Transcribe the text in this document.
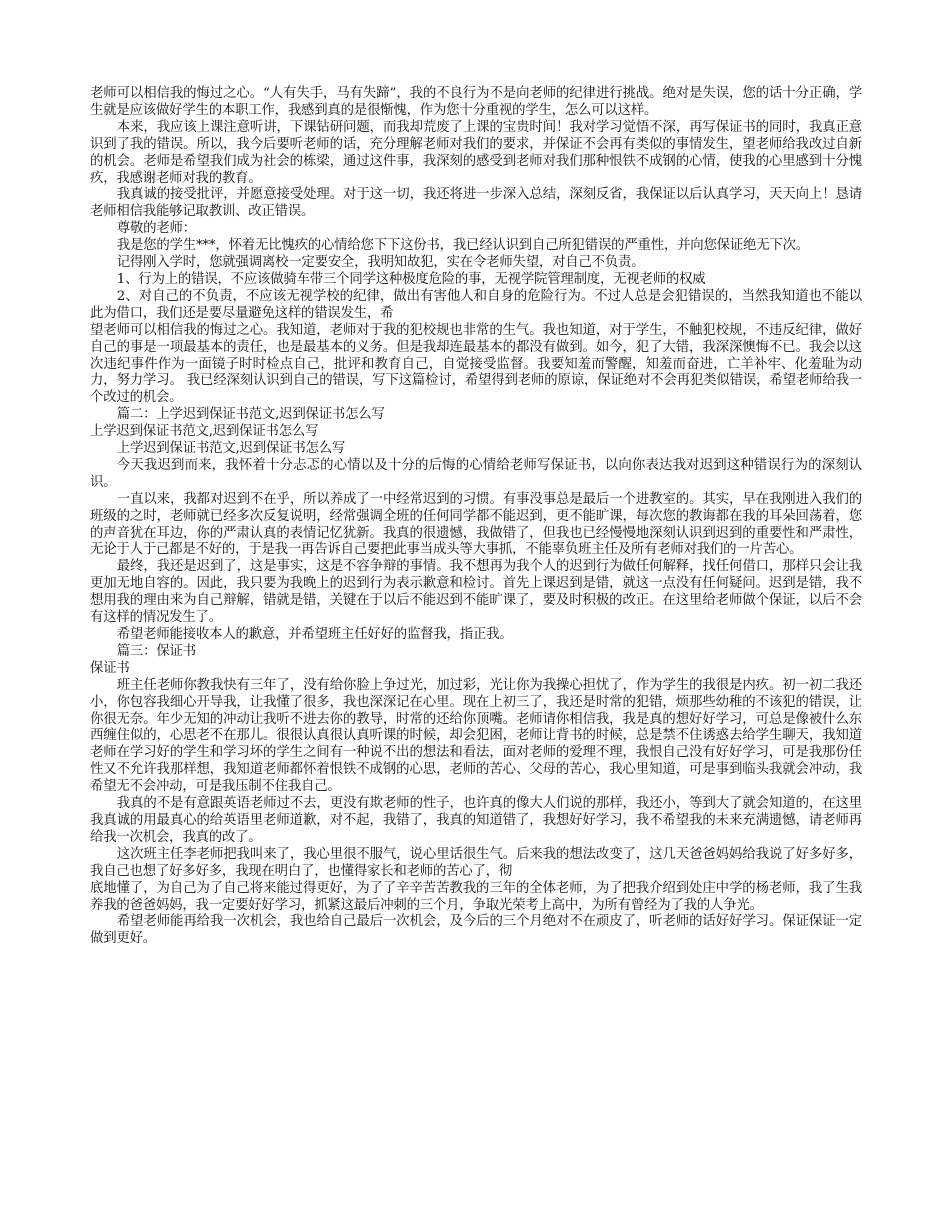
老师可以相信我的悔过之心。“人有失手，马有失蹄”，我的不良行为不是向老师的纪律进行挑战。绝对是失误，您的话十分正确，学生就是应该做好学生的本职工作，我感到真的是很惭愧，作为您十分重视的学生，怎么可以这样。

本来，我应该上课注意听讲，下课钻研问题，而我却荒废了上课的宝贵时间！我对学习觉悟不深，再写保证书的同时，我真正意识到了我的错误。所以，我今后要听老师的话，充分理解老师对我们的要求，并保证不会再有类似的事情发生，望老师给我改过自新的机会。老师是希望我们成为社会的栋梁，通过这件事，我深刻的感受到老师对我们那种恨铁不成钢的心情，使我的心里感到十分愧疚，我感谢老师对我的教育。

我真诚的接受批评，并愿意接受处理。对于这一切，我还将进一步深入总结，深刻反省，我保证以后认真学习，天天向上！恳请老师相信我能够记取教训、改正错误。

尊敬的老师：

我是您的学生***，怀着无比愧疚的心情给您下下这份书，我已经认识到自己所犯错误的严重性，并向您保证绝无下次。

记得刚入学时，您就强调离校一定要安全，我明知故犯，实在令老师失望，对自己不负责。

1、行为上的错误，不应该做骑车带三个同学这种极度危险的事，无视学院管理制度，无视老师的权威

2、对自己的不负责，不应该无视学校的纪律，做出有害他人和自身的危险行为。不过人总是会犯错误的，当然我知道也不能以此为借口，我们还是要尽量避免这样的错误发生，希

望老师可以相信我的悔过之心。我知道，老师对于我的犯校规也非常的生气。我也知道，对于学生，不触犯校规，不违反纪律，做好自己的事是一项最基本的责任，也是最基本的义务。但是我却连最基本的都没有做到。如今，犯了大错，我深深懊悔不已。我会以这次违纪事件作为一面镜子时时检点自己，批评和教育自己，自觉接受监督。我要知羞而警醒，知羞而奋进，亡羊补牢、化羞耻为动力，努力学习。 我已经深刻认识到自己的错误，写下这篇检讨，希望得到老师的原谅，保证绝对不会再犯类似错误，希望老师给我一个改过的机会。

篇二：上学迟到保证书范文,迟到保证书怎么写

上学迟到保证书范文,迟到保证书怎么写

上学迟到保证书范文,迟到保证书怎么写

今天我迟到而来，我怀着十分忐忑的心情以及十分的后悔的心情给老师写保证书，以向你表达我对迟到这种错误行为的深刻认识。

一直以来，我都对迟到不在乎，所以养成了一中经常迟到的习惯。有事没事总是最后一个进教室的。其实，早在我刚进入我们的班级的之时，老师就已经多次反复说明，经常强调全班的任何同学都不能迟到，更不能旷课，每次您的教诲都在我的耳朵回荡着，您的声音犹在耳边，你的严肃认真的表情记忆犹新。我真的很遗憾，我做错了，但我也已经慢慢地深刻认识到迟到的重要性和严肃性，无论于人于己都是不好的，于是我一再告诉自己要把此事当成头等大事抓，不能辜负班主任及所有老师对我们的一片苦心。

最终，我还是迟到了，这是事实，这是不容争辩的事情。我不想再为我个人的迟到行为做任何解释，找任何借口，那样只会让我更加无地自容的。因此，我只要为我晚上的迟到行为表示歉意和检讨。首先上课迟到是错，就这一点没有任何疑问。迟到是错，我不想用我的理由来为自己辩解，错就是错，关键在于以后不能迟到不能旷课了，要及时积极的改正。在这里给老师做个保证，以后不会有这样的情况发生了。

希望老师能接收本人的歉意，并希望班主任好好的监督我，指正我。

篇三：保证书

保证书

班主任老师你教我快有三年了，没有给你脸上争过光，加过彩，光让你为我操心担忧了，作为学生的我很是内疚。初一初二我还小，你包容我细心开导我，让我懂了很多，我也深深记在心里。现在上初三了，我还是时常的犯错，烦那些幼稚的不该犯的错误，让你很无奈。年少无知的冲动让我听不进去你的教导，时常的还给你顶嘴。老师请你相信我，我是真的想好好学习，可总是像被什么东西缠住似的，心思老不在那儿。很很认真很认真听课的时候，却会犯困，老师让背书的时候，总是禁不住诱惑去给学生聊天，我知道老师在学习好的学生和学习坏的学生之间有一种说不出的想法和看法，面对老师的爱理不理，我恨自己没有好好学习，可是我那份任性又不允许我那样想，我知道老师都怀着恨铁不成钢的心思，老师的苦心、父母的苦心，我心里知道，可是事到临头我就会冲动，我希望无不会冲动，可是我压制不住我自己。

我真的不是有意跟英语老师过不去，更没有欺老师的性子，也许真的像大人们说的那样，我还小，等到大了就会知道的，在这里我真诚的用最真心的给英语里老师道歉，对不起，我错了，我真的知道错了，我想好好学习，我不希望我的未来充满遗憾，请老师再给我一次机会，我真的改了。

这次班主任李老师把我叫来了，我心里很不服气，说心里话很生气。后来我的想法改变了，这几天爸爸妈妈给我说了好多好多，我自己也想了好多好多，我现在明白了，也懂得家长和老师的苦心了，彻

底地懂了，为自己为了自己将来能过得更好，为了了辛辛苦苦教我的三年的全体老师，为了把我介绍到处庄中学的杨老师，我了生我养我的爸爸妈妈，我一定要好好学习，抓紧这最后冲刺的三个月，争取光荣考上高中，为所有曾经为了我的人争光。

希望老师能再给我一次机会，我也给自己最后一次机会，及今后的三个月绝对不在顽皮了，听老师的话好好学习。保证保证一定做到更好。
